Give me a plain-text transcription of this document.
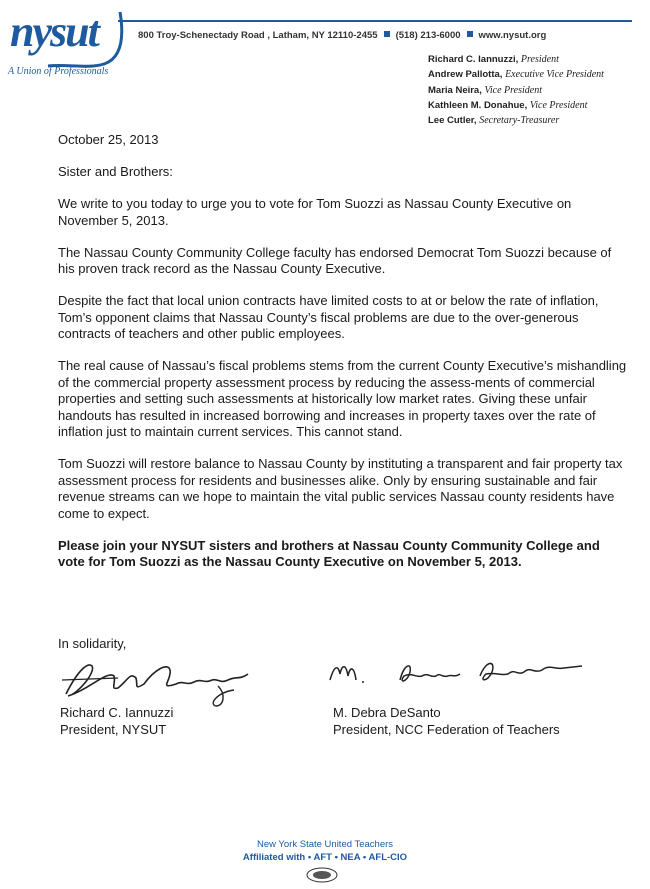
nysut
A Union of Professionals
800 Troy-Schenectady Road , Latham, NY 12110-2455 (518) 213-6000 www.nysut.org
Richard C. Iannuzzi, President
Andrew Pallotta, Executive Vice President
Maria Neira, Vice President
Kathleen M. Donahue, Vice President
Lee Cutler, Secretary-Treasurer

October 25, 2013

Sister and Brothers:

We write to you today to urge you to vote for Tom Suozzi as Nassau County Executive on November 5, 2013.

The Nassau County Community College faculty has endorsed Democrat Tom Suozzi because of his proven track record as the Nassau County Executive.

Despite the fact that local union contracts have limited costs to at or below the rate of inflation, Tom’s opponent claims that Nassau County’s fiscal problems are due to the over-generous contracts of teachers and other public employees.

The real cause of Nassau’s fiscal problems stems from the current County Executive’s mishandling of the commercial property assessment process by reducing the assess-ments of commercial properties and setting such assessments at historically low market rates. Giving these unfair handouts has resulted in increased borrowing and increases in property taxes over the rate of inflation just to maintain current services. This cannot stand.

Tom Suozzi will restore balance to Nassau County by instituting a transparent and fair property tax assessment process for residents and businesses alike. Only by ensuring sustainable and fair revenue streams can we hope to maintain the vital public services Nassau county residents have come to expect.

Please join your NYSUT sisters and brothers at Nassau County Community College and vote for Tom Suozzi as the Nassau County Executive on November 5, 2013.

In solidarity,
Richard C. Iannuzzi
President, NYSUT
M. Debra DeSanto
President, NCC Federation of Teachers
New York State United Teachers
Affiliated with • AFT • NEA • AFL-CIO
